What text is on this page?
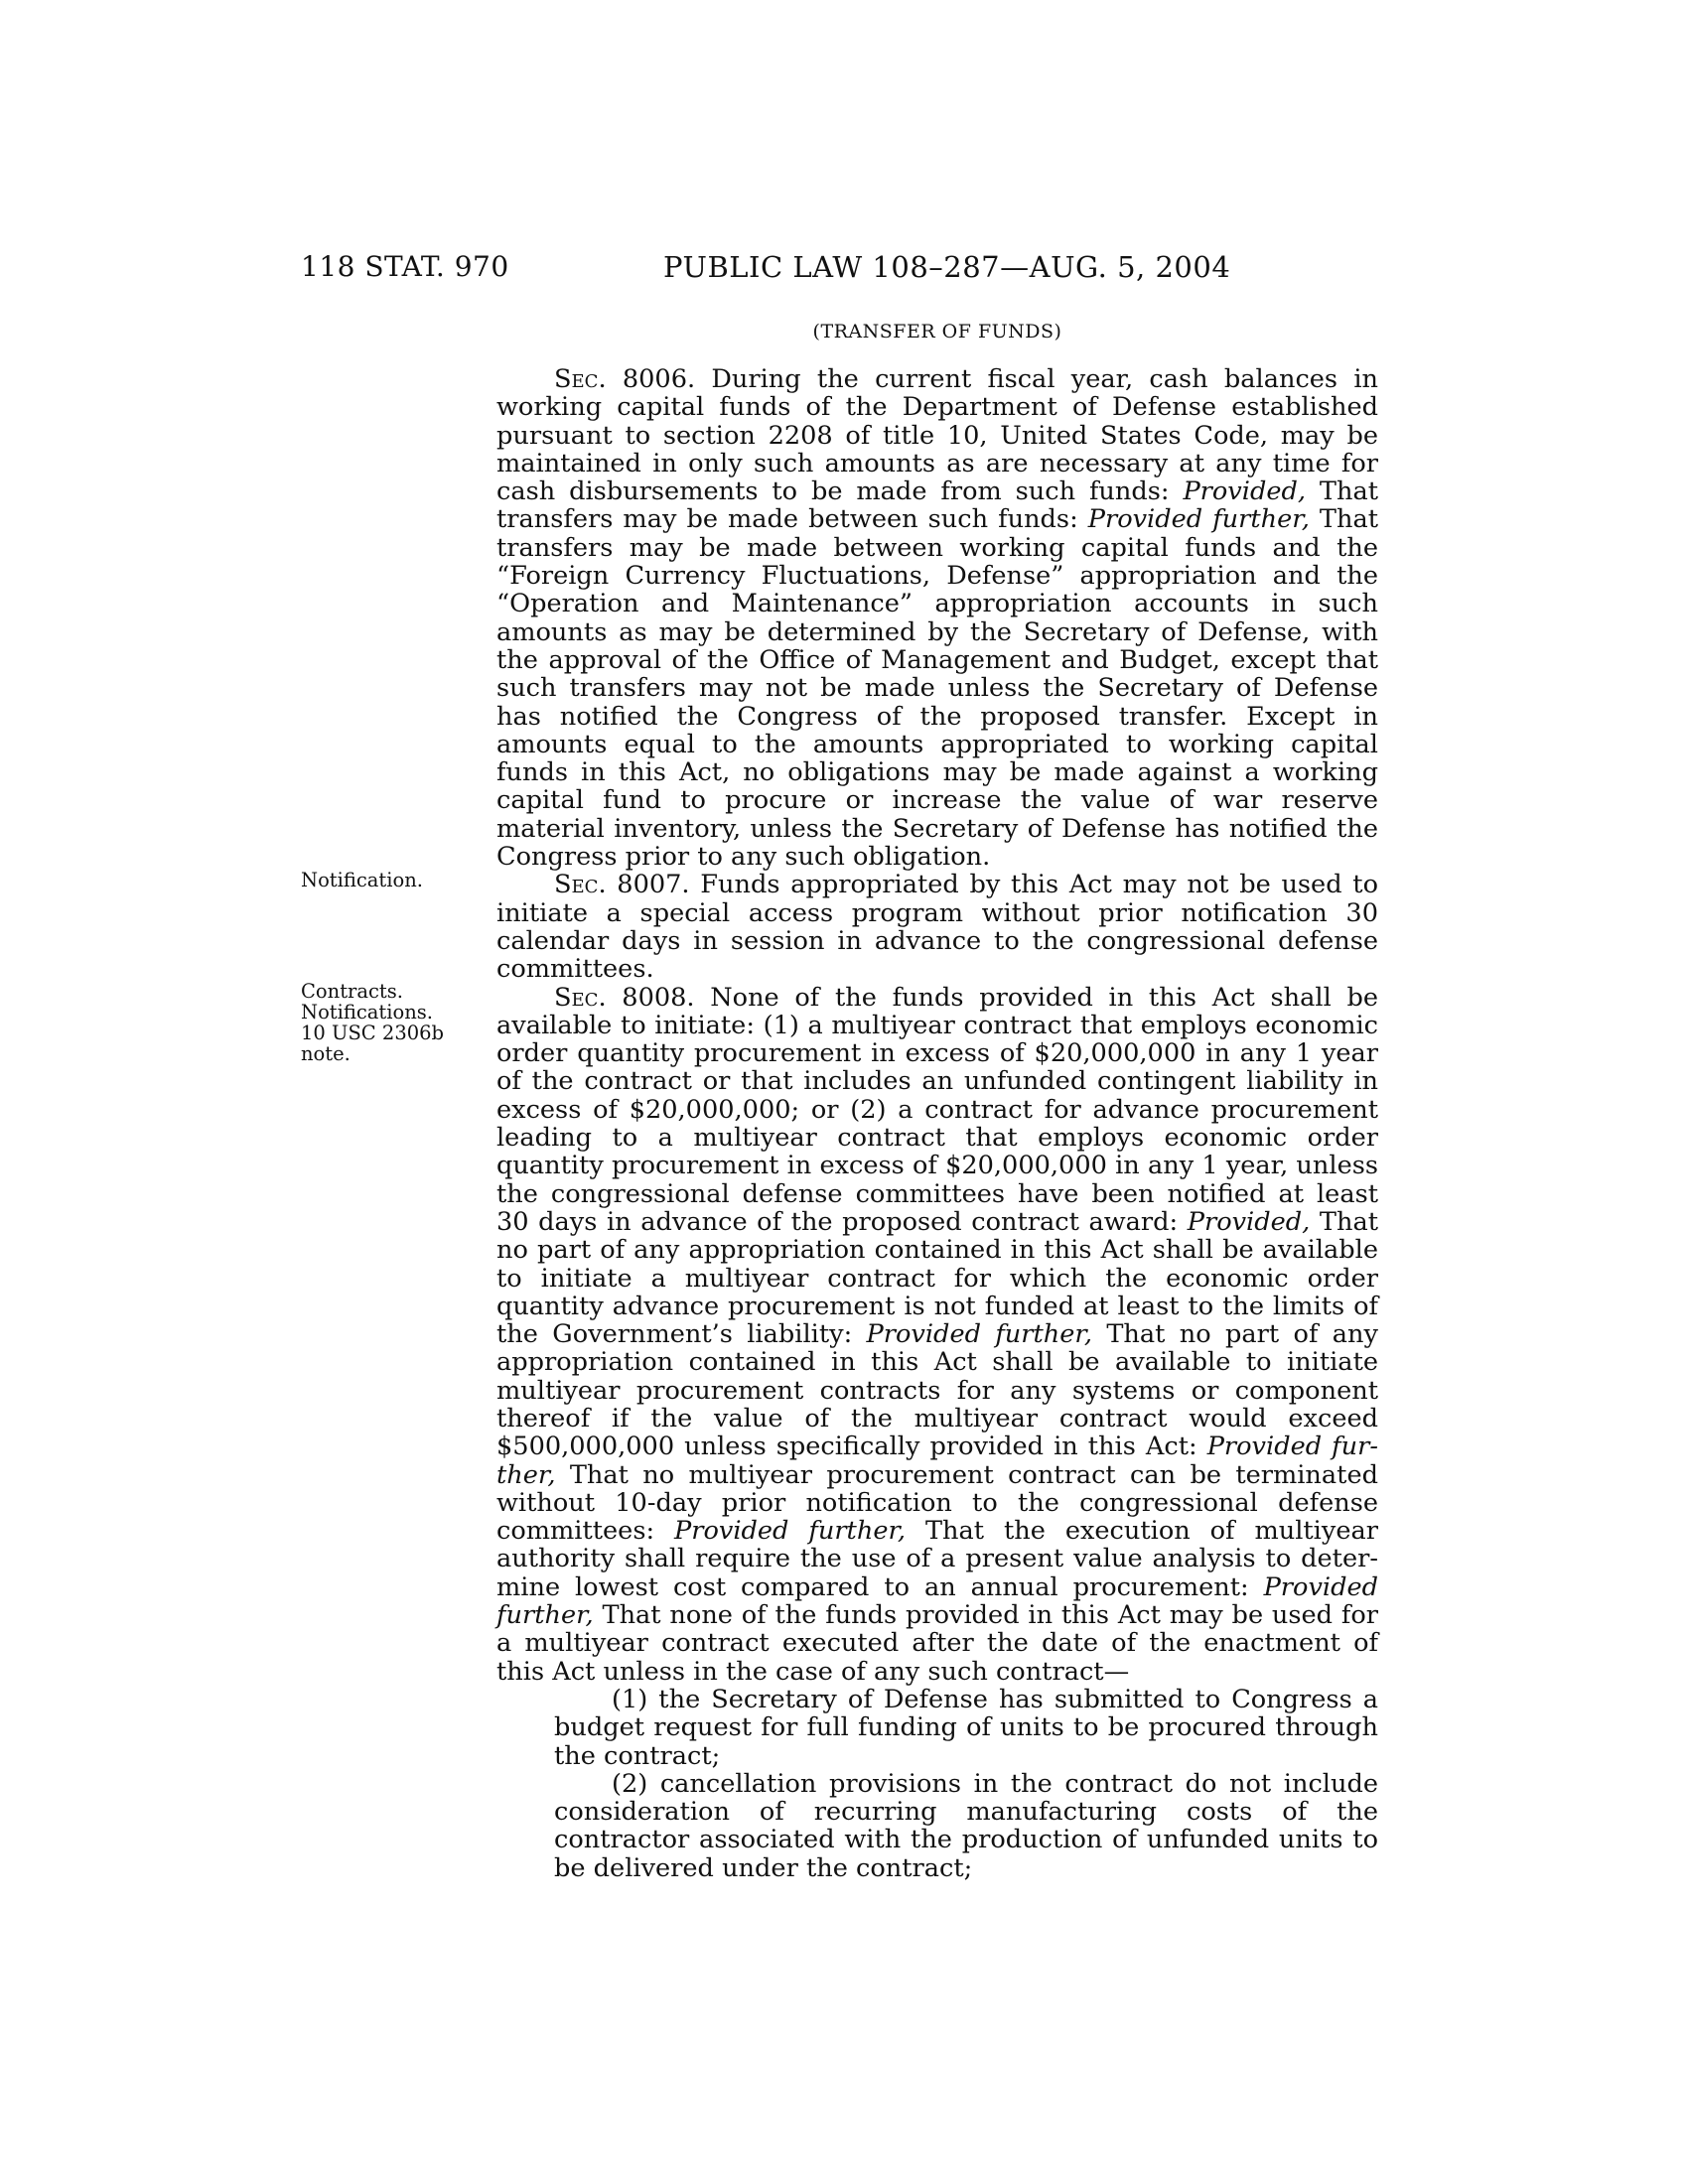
118 STAT. 970	PUBLIC LAW 108–287—AUG. 5, 2004
(TRANSFER OF FUNDS)
Notification.
Contracts.
Notifications.
10 USC 2306b
note.

Sec. 8006. During the current fiscal year, cash balances in working capital funds of the Department of Defense established pursuant to section 2208 of title 10, United States Code, may be maintained in only such amounts as are necessary at any time for cash disbursements to be made from such funds: Provided, That transfers may be made between such funds: Provided further, That transfers may be made between working capital funds and the “Foreign Currency Fluctuations, Defense” appropriation and the “Operation and Maintenance” appropriation accounts in such amounts as may be determined by the Secretary of Defense, with the approval of the Office of Management and Budget, except that such transfers may not be made unless the Secretary of Defense has notified the Congress of the proposed transfer. Except in amounts equal to the amounts appropriated to working capital funds in this Act, no obligations may be made against a working capital fund to procure or increase the value of war reserve material inventory, unless the Secretary of Defense has notified the Congress prior to any such obligation.

Sec. 8007. Funds appropriated by this Act may not be used to initiate a special access program without prior notification 30 calendar days in session in advance to the congressional defense committees.

Sec. 8008. None of the funds provided in this Act shall be available to initiate: (1) a multiyear contract that employs economic order quantity procurement in excess of $20,000,000 in any 1 year of the contract or that includes an unfunded contingent liability in excess of $20,000,000; or (2) a contract for advance procurement leading to a multiyear contract that employs economic order quantity procurement in excess of $20,000,000 in any 1 year, unless the congressional defense committees have been notified at least 30 days in advance of the proposed contract award: Provided, That no part of any appropriation contained in this Act shall be available to initiate a multiyear contract for which the economic order quantity advance procurement is not funded at least to the limits of the Government’s liability: Provided further, That no part of any appropriation contained in this Act shall be available to initiate multiyear procurement contracts for any systems or component thereof if the value of the multiyear contract would exceed $500,000,000 unless specifically provided in this Act: Provided further, That no multiyear procurement contract can be terminated without 10-day prior notification to the congressional defense committees: Provided further, That the execution of multiyear authority shall require the use of a present value analysis to determine lowest cost compared to an annual procurement: Provided further, That none of the funds provided in this Act may be used for a multiyear contract executed after the date of the enactment of this Act unless in the case of any such contract—

(1) the Secretary of Defense has submitted to Congress a budget request for full funding of units to be procured through the contract;

(2) cancellation provisions in the contract do not include consideration of recurring manufacturing costs of the contractor associated with the production of unfunded units to be delivered under the contract;
